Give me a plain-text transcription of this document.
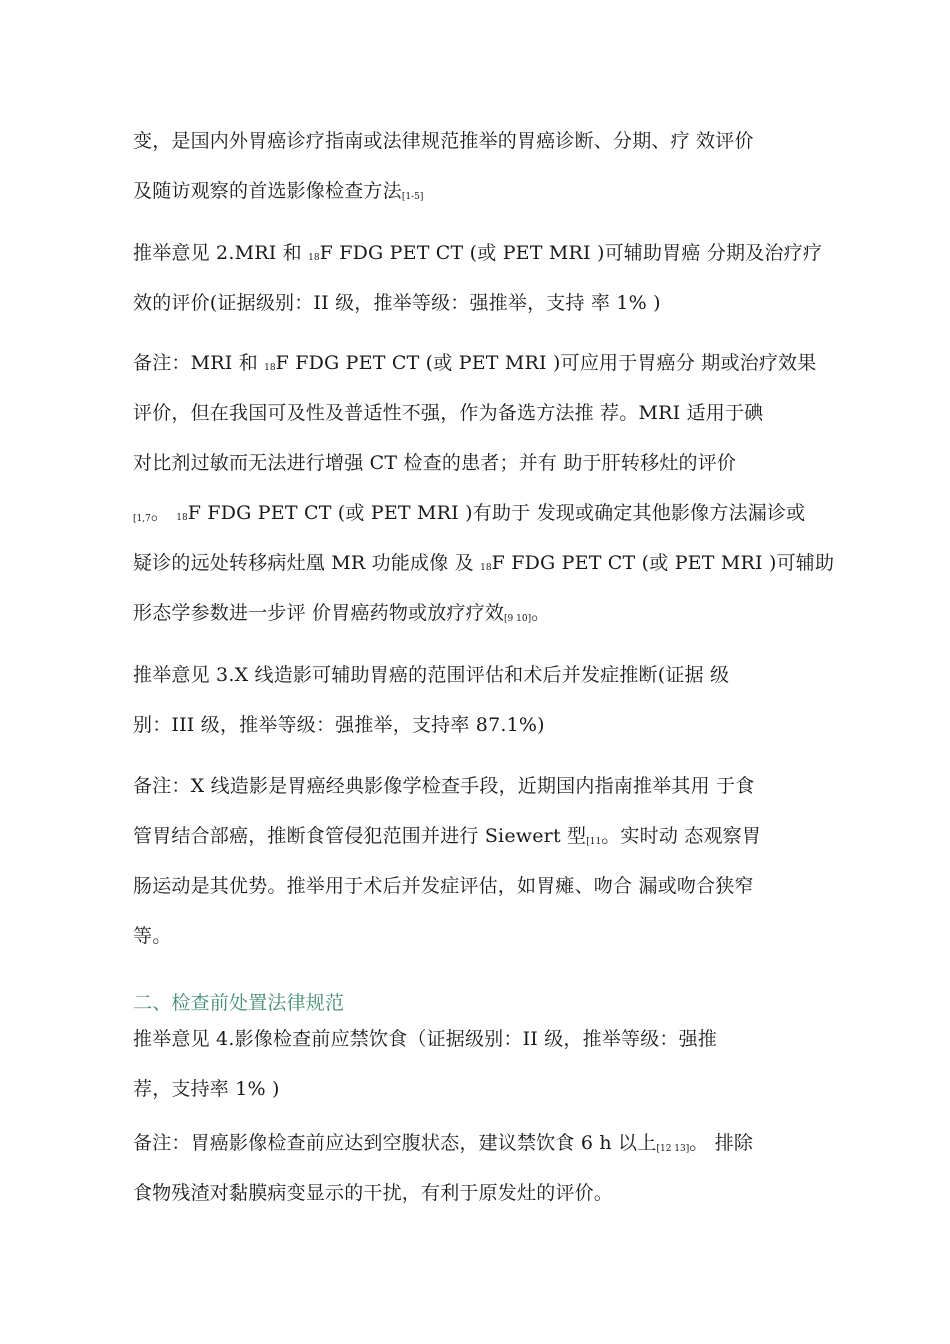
变，是国内外胃癌诊疗指南或法律规范推举的胃癌诊断、分期、疗 效评价
及随访观察的首选影像检查方法[1-5]
推举意见 2.MRI 和 18F FDG PET CT (或 PET MRI )可辅助胃癌 分期及治疗疗
效的评价(证据级别：II 级，推举等级：强推举，支持 率 1% )
备注：MRI 和 18F FDG PET CT (或 PET MRI )可应用于胃癌分 期或治疗效果
评价，但在我国可及性及普适性不强，作为备选方法推 荐。MRI 适用于碘
对比剂过敏而无法进行增强 CT 检查的患者；并有 助于肝转移灶的评价
[1,7。 18F FDG PET CT (或 PET MRI )有助于 发现或确定其他影像方法漏诊或
疑诊的远处转移病灶凰 MR 功能成像 及 18F FDG PET CT (或 PET MRI )可辅助
形态学参数进一步评 价胃癌药物或放疗疗效[9 10]。
推举意见 3.X 线造影可辅助胃癌的范围评估和术后并发症推断(证据 级
别：III 级，推举等级：强推举，支持率 87.1%)
备注：X 线造影是胃癌经典影像学检查手段，近期国内指南推举其用 于食
管胃结合部癌，推断食管侵犯范围并进行 Siewert 型[11。实时动 态观察胃
肠运动是其优势。推举用于术后并发症评估，如胃瘫、吻合 漏或吻合狭窄
等。
二、检查前处置法律规范
推举意见 4.影像检查前应禁饮食（证据级别：II 级，推举等级：强推
荐，支持率 1% )
备注：胃癌影像检查前应达到空腹状态，建议禁饮食 6 h 以上[12 13]。 排除
食物残渣对黏膜病变显示的干扰，有利于原发灶的评价。
